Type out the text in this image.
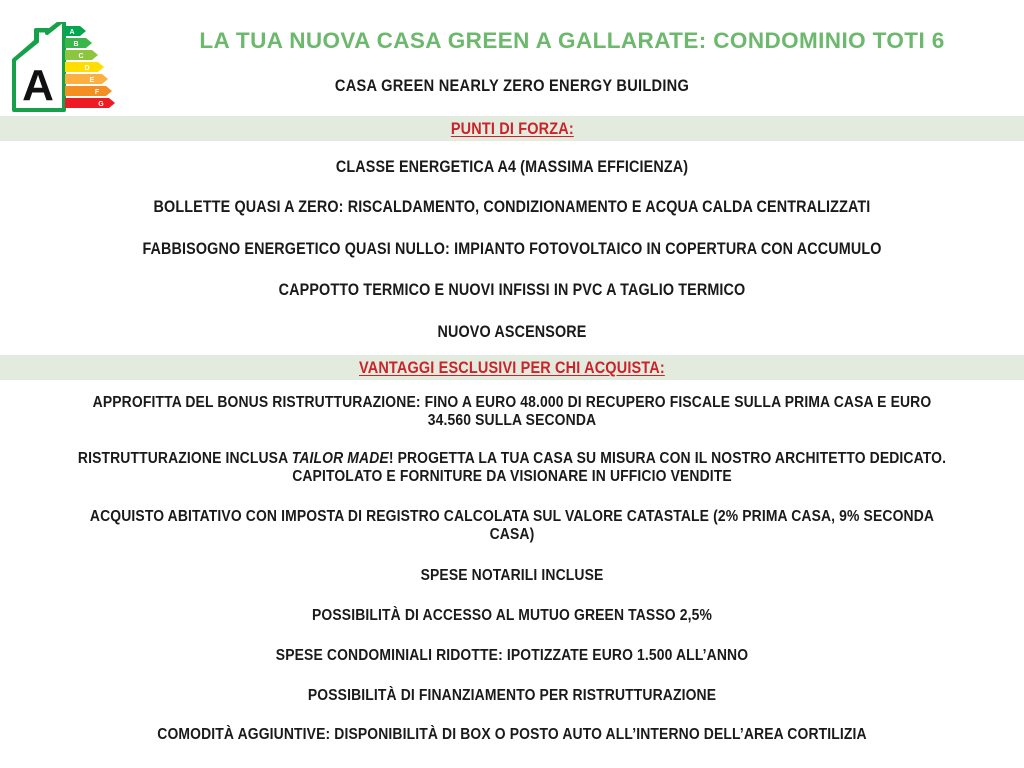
A
A
B
C
D
E
F
G
LA TUA NUOVA CASA GREEN A GALLARATE: CONDOMINIO TOTI 6
CASA GREEN NEARLY ZERO ENERGY BUILDING
PUNTI DI FORZA:
CLASSE ENERGETICA A4 (MASSIMA EFFICIENZA)
BOLLETTE QUASI A ZERO: RISCALDAMENTO, CONDIZIONAMENTO E ACQUA CALDA CENTRALIZZATI
FABBISOGNO ENERGETICO QUASI NULLO: IMPIANTO FOTOVOLTAICO IN COPERTURA CON ACCUMULO
CAPPOTTO TERMICO E NUOVI INFISSI IN PVC A TAGLIO TERMICO
NUOVO ASCENSORE
VANTAGGI ESCLUSIVI PER CHI ACQUISTA:
APPROFITTA DEL BONUS RISTRUTTURAZIONE: FINO A EURO 48.000 DI RECUPERO FISCALE SULLA PRIMA CASA E EURO 34.560 SULLA SECONDA
RISTRUTTURAZIONE INCLUSA TAILOR MADE! PROGETTA LA TUA CASA SU MISURA CON IL NOSTRO ARCHITETTO DEDICATO. CAPITOLATO E FORNITURE DA VISIONARE IN UFFICIO VENDITE
ACQUISTO ABITATIVO CON IMPOSTA DI REGISTRO CALCOLATA SUL VALORE CATASTALE (2% PRIMA CASA, 9% SECONDA CASA)
SPESE NOTARILI INCLUSE
POSSIBILITÀ DI ACCESSO AL MUTUO GREEN TASSO 2,5%
SPESE CONDOMINIALI RIDOTTE: IPOTIZZATE EURO 1.500 ALL’ANNO
POSSIBILITÀ DI FINANZIAMENTO PER RISTRUTTURAZIONE
COMODITÀ AGGIUNTIVE: DISPONIBILITÀ DI BOX O POSTO AUTO ALL’INTERNO DELL’AREA CORTILIZIA
